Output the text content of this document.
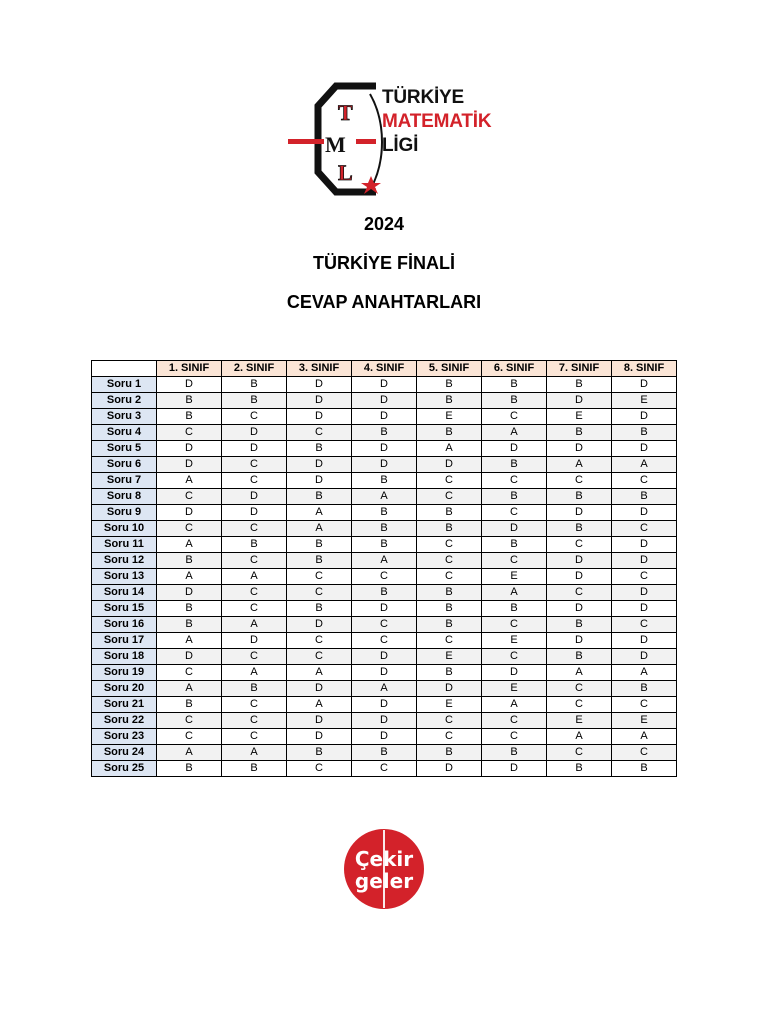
T
M
L
TÜRKİYE
MATEMATİK
LİGİ
2024
TÜRKİYE FİNALİ
CEVAP ANAHTARLARI
	1. SINIF	2. SINIF	3. SINIF	4. SINIF	5. SINIF	6. SINIF	7. SINIF	8. SINIF
Soru 1	D	B	D	D	B	B	B	D
Soru 2	B	B	D	D	B	B	D	E
Soru 3	B	C	D	D	E	C	E	D
Soru 4	C	D	C	B	B	A	B	B
Soru 5	D	D	B	D	A	D	D	D
Soru 6	D	C	D	D	D	B	A	A
Soru 7	A	C	D	B	C	C	C	C
Soru 8	C	D	B	A	C	B	B	B
Soru 9	D	D	A	B	B	C	D	D
Soru 10	C	C	A	B	B	D	B	C
Soru 11	A	B	B	B	C	B	C	D
Soru 12	B	C	B	A	C	C	D	D
Soru 13	A	A	C	C	C	E	D	C
Soru 14	D	C	C	B	B	A	C	D
Soru 15	B	C	B	D	B	B	D	D
Soru 16	B	A	D	C	B	C	B	C
Soru 17	A	D	C	C	C	E	D	D
Soru 18	D	C	C	D	E	C	B	D
Soru 19	C	A	A	D	B	D	A	A
Soru 20	A	B	D	A	D	E	C	B
Soru 21	B	C	A	D	E	A	C	C
Soru 22	C	C	D	D	C	C	E	E
Soru 23	C	C	D	D	C	C	A	A
Soru 24	A	A	B	B	B	B	C	C
Soru 25	B	B	C	C	D	D	B	B
Çekir
geler
